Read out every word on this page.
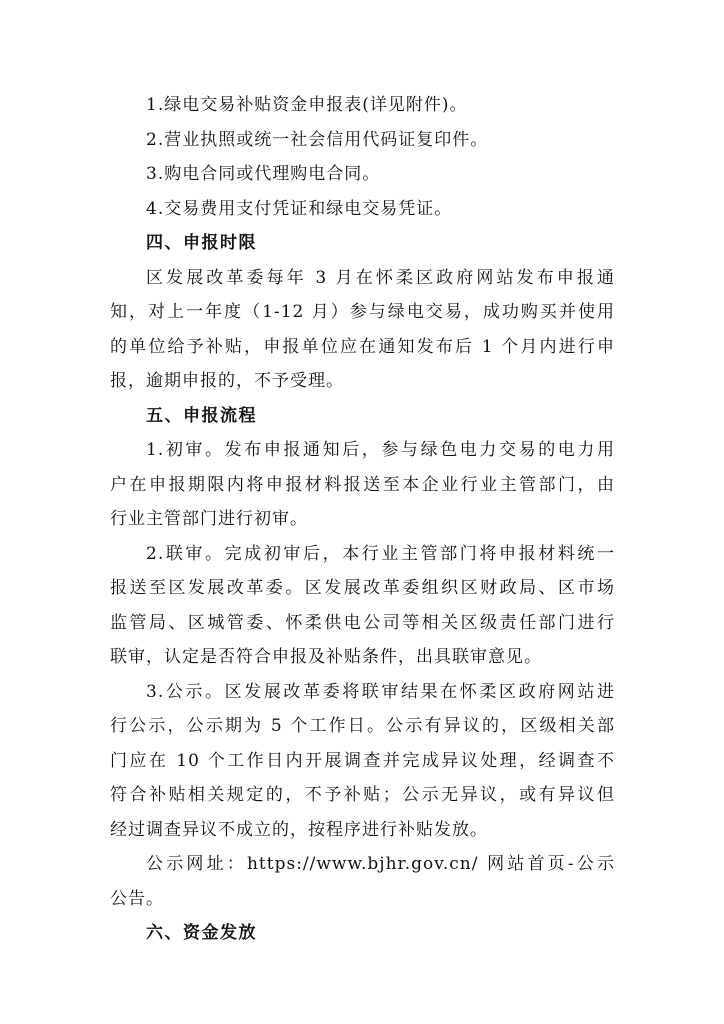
1.绿电交易补贴资金申报表(详见附件)。
2.营业执照或统一社会信用代码证复印件。
3.购电合同或代理购电合同。
4.交易费用支付凭证和绿电交易凭证。
四、申报时限
区发展改革委每年 3 月在怀柔区政府网站发布申报通
知，对上一年度（1-12 月）参与绿电交易，成功购买并使用
的单位给予补贴，申报单位应在通知发布后 1 个月内进行申
报，逾期申报的，不予受理。
五、申报流程
1.初审。发布申报通知后，参与绿色电力交易的电力用
户在申报期限内将申报材料报送至本企业行业主管部门，由
行业主管部门进行初审。
2.联审。完成初审后，本行业主管部门将申报材料统一
报送至区发展改革委。区发展改革委组织区财政局、区市场
监管局、区城管委、怀柔供电公司等相关区级责任部门进行
联审，认定是否符合申报及补贴条件，出具联审意见。
3.公示。区发展改革委将联审结果在怀柔区政府网站进
行公示，公示期为 5 个工作日。公示有异议的，区级相关部
门应在 10 个工作日内开展调查并完成异议处理，经调查不
符合补贴相关规定的，不予补贴；公示无异议，或有异议但
经过调查异议不成立的，按程序进行补贴发放。
公示网址：https://www.bjhr.gov.cn/ 网站首页-公示
公告。
六、资金发放
